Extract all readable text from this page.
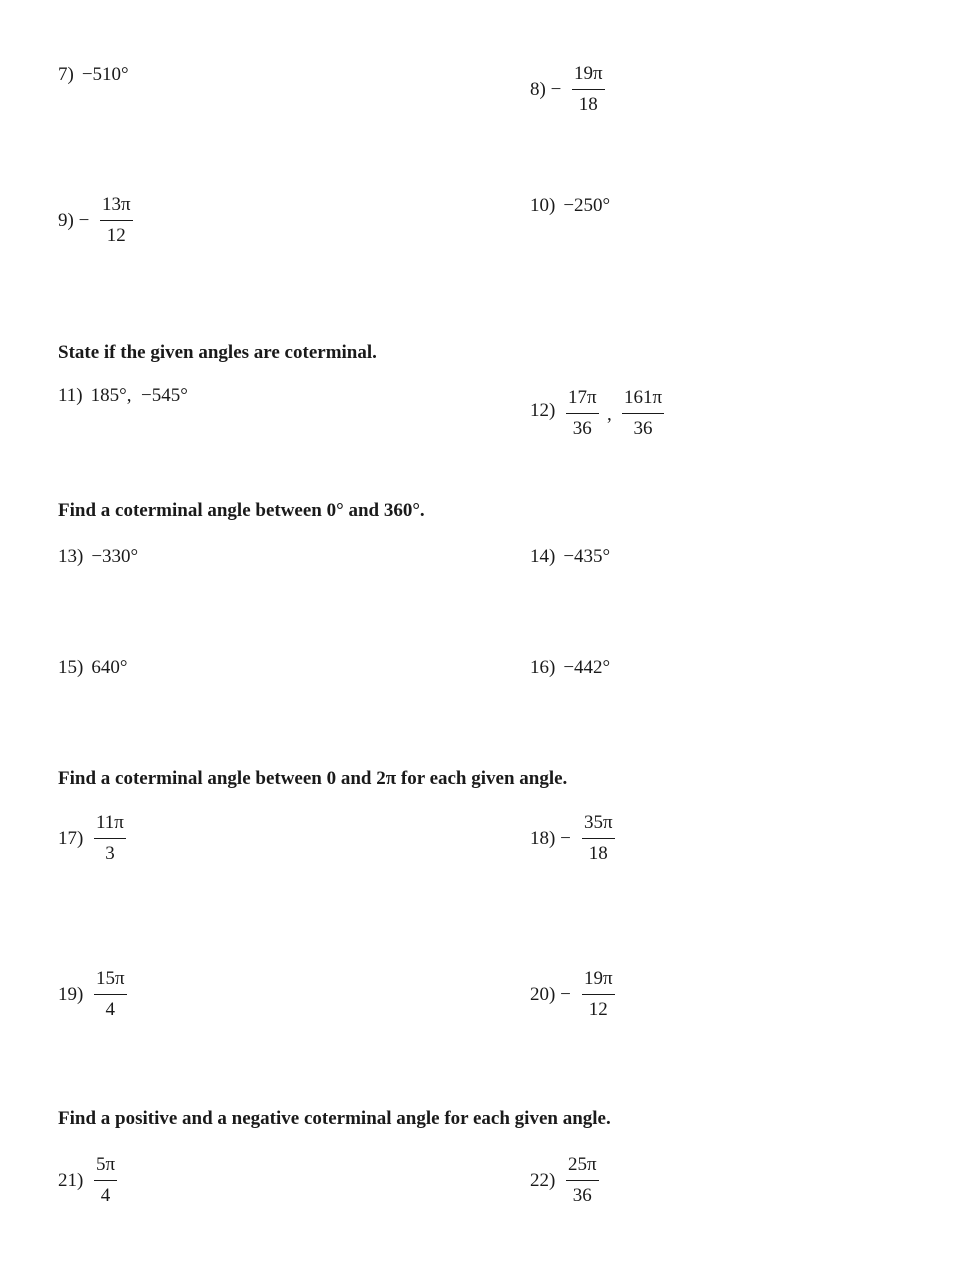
7) −510°
$8) - \frac{19\pi}{18}$
$9) - \frac{13\pi}{12}$	10) −250°
State if the given angles are coterminal.
11) 185°,  −545°
$12) \frac{17\pi}{36}$ , $\frac{161\pi}{36}$
Find a coterminal angle between 0° and 360°.
13) −330°	14) −435°
15) 640°	16) −442°
Find a coterminal angle between 0 and 2π for each given angle.
$17) \frac{11\pi}{3}$	$18) - \frac{35\pi}{18}$
$19) \frac{15\pi}{4}$	$20) - \frac{19\pi}{12}$
Find a positive and a negative coterminal angle for each given angle.
$21) \frac{5\pi}{4}$	$22) \frac{25\pi}{36}$
